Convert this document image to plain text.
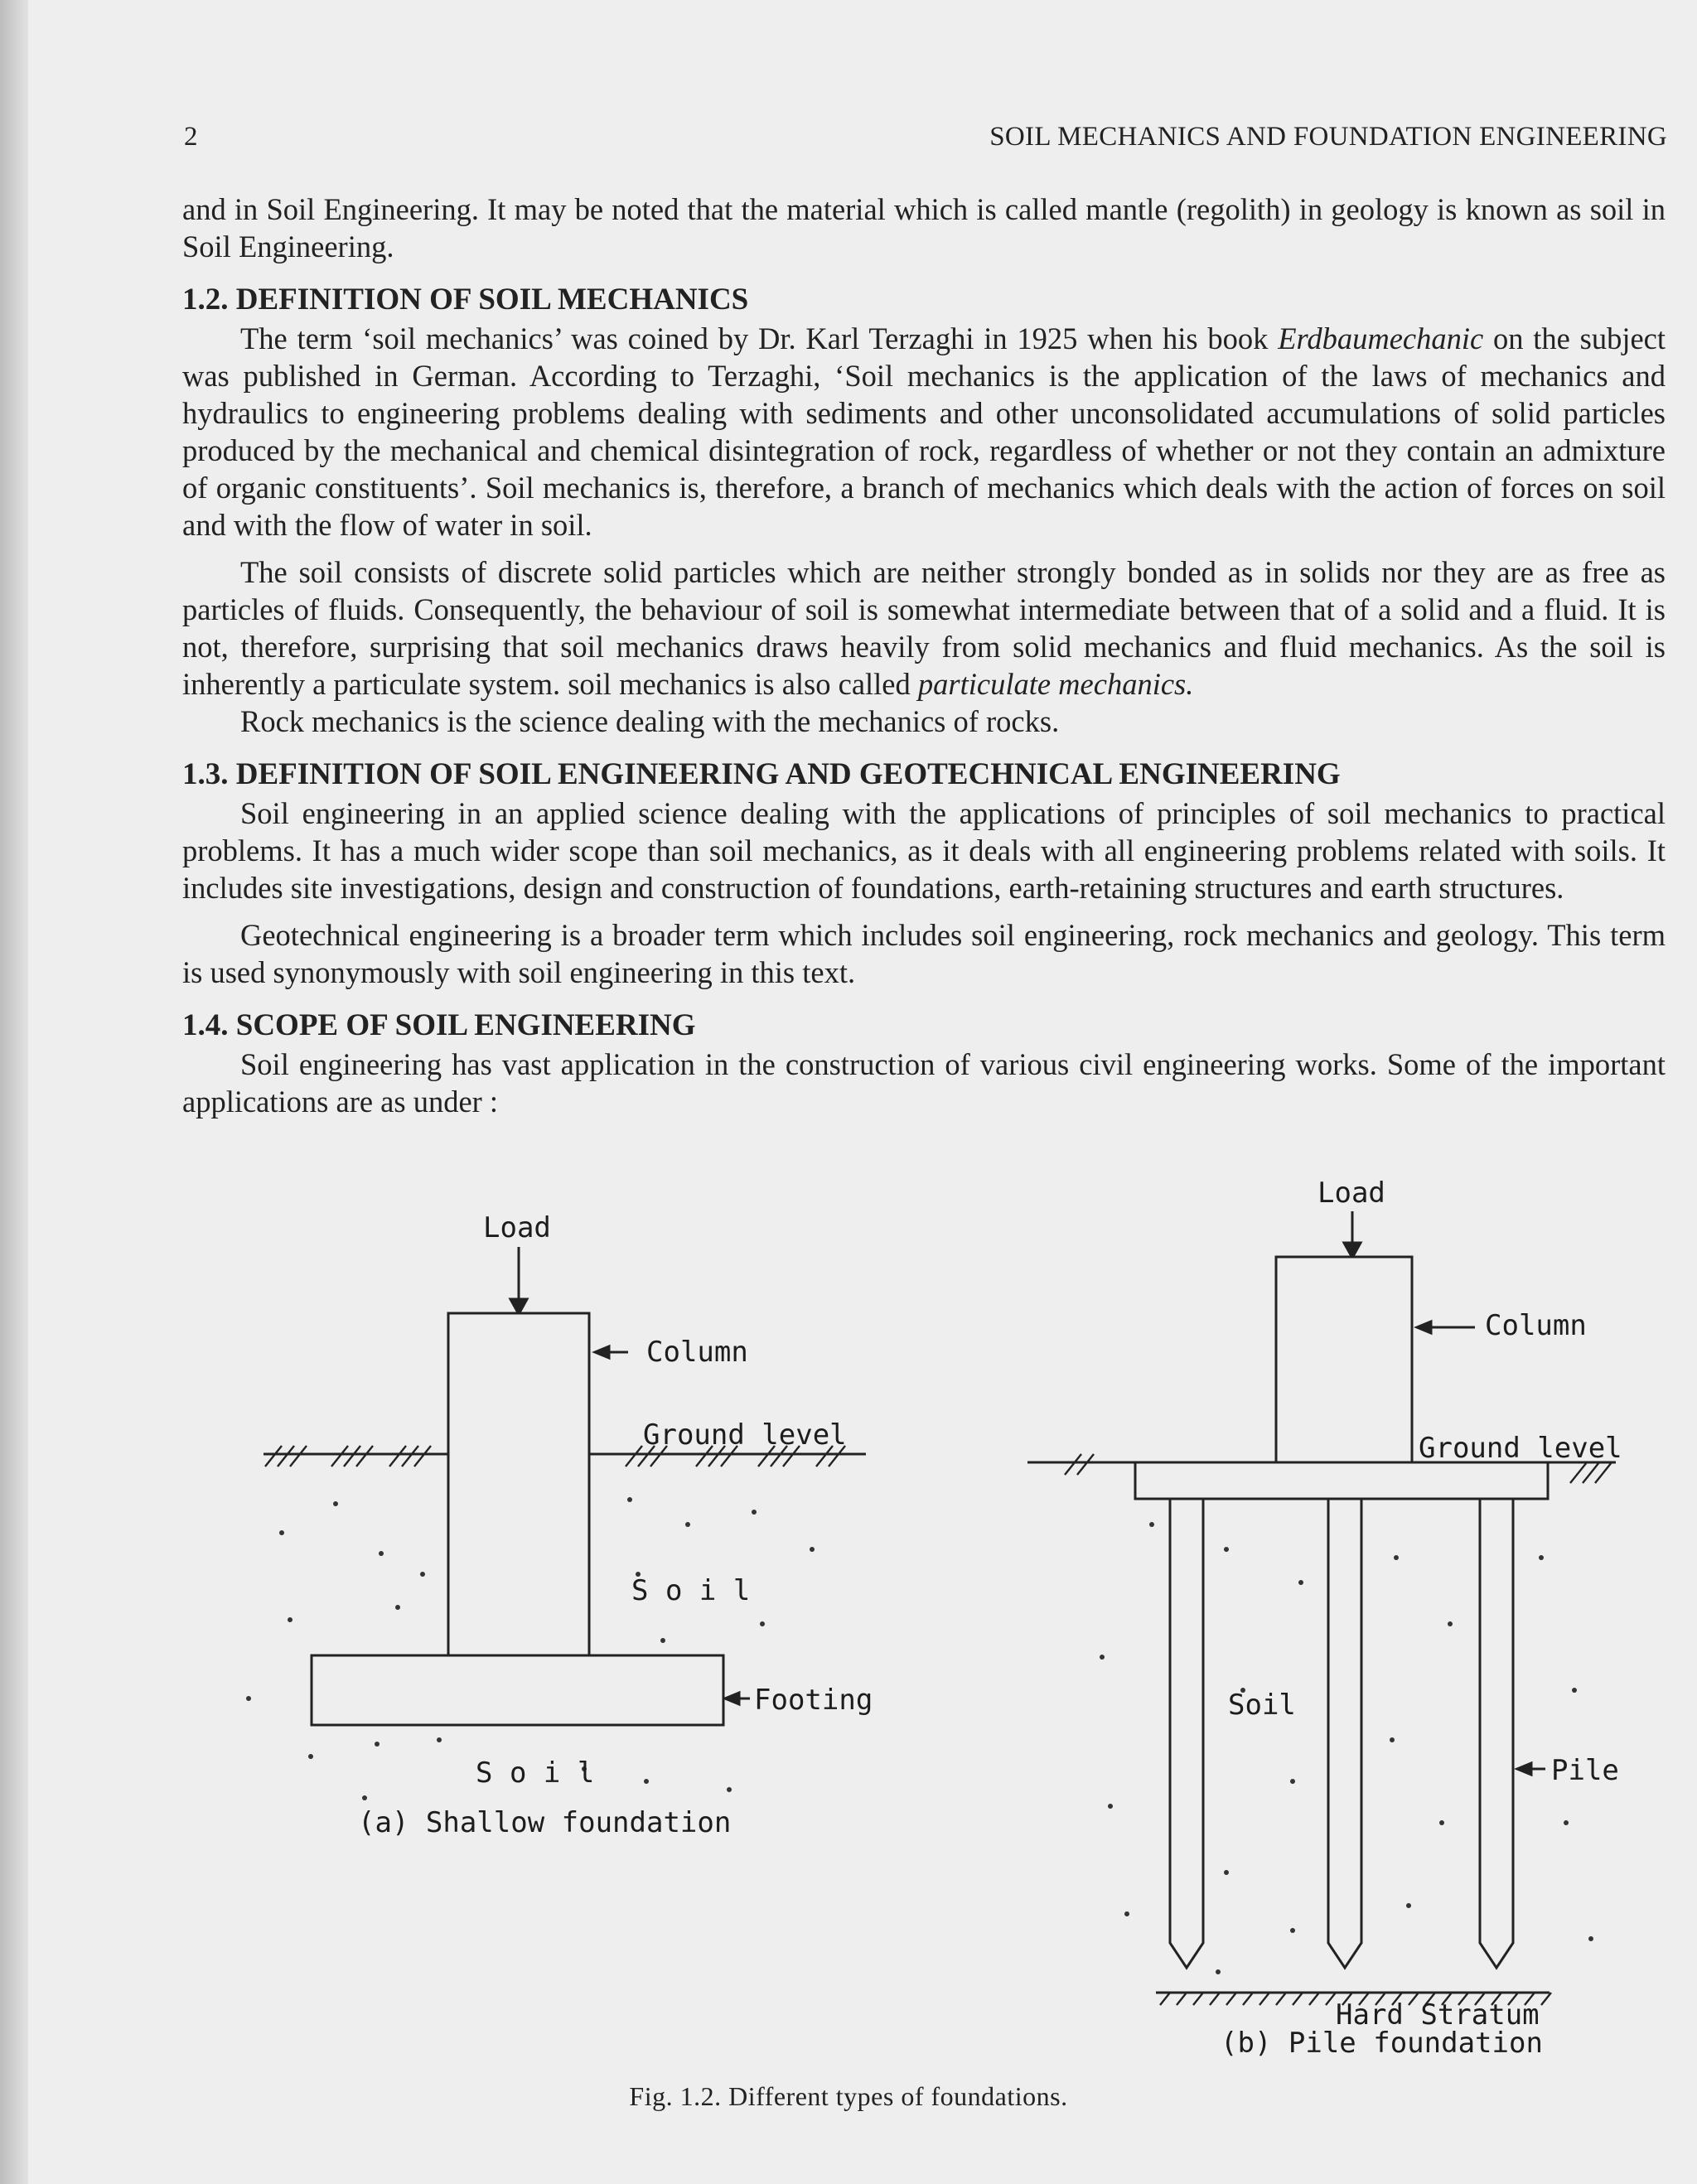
2	SOIL MECHANICS AND FOUNDATION ENGINEERING

and in Soil Engineering. It may be noted that the material which is called mantle (regolith) in geology is known as soil in Soil Engineering.

1.2. DEFINITION OF SOIL MECHANICS

The term ‘soil mechanics’ was coined by Dr. Karl Terzaghi in 1925 when his book Erdbaumechanic on the subject was published in German. According to Terzaghi, ‘Soil mechanics is the application of the laws of mechanics and hydraulics to engineering problems dealing with sediments and other unconsolidated accumulations of solid particles produced by the mechanical and chemical disintegration of rock, regardless of whether or not they contain an admixture of organic constituents’. Soil mechanics is, therefore, a branch of mechanics which deals with the action of forces on soil and with the flow of water in soil.

The soil consists of discrete solid particles which are neither strongly bonded as in solids nor they are as free as particles of fluids. Consequently, the behaviour of soil is somewhat intermediate between that of a solid and a fluid. It is not, therefore, surprising that soil mechanics draws heavily from solid mechanics and fluid mechanics. As the soil is inherently a particulate system. soil mechanics is also called particulate mechanics.

Rock mechanics is the science dealing with the mechanics of rocks.

1.3. DEFINITION OF SOIL ENGINEERING AND GEOTECHNICAL ENGINEERING

Soil engineering in an applied science dealing with the applications of principles of soil mechanics to practical problems. It has a much wider scope than soil mechanics, as it deals with all engineering problems related with soils. It includes site investigations, design and construction of foundations, earth-retaining structures and earth structures.

Geotechnical engineering is a broader term which includes soil engineering, rock mechanics and geology. This term is used synonymously with soil engineering in this text.

1.4. SCOPE OF SOIL ENGINEERING

Soil engineering has vast application in the construction of various civil engineering works. Some of the important applications are as under :

Load
Column
Ground level
S o i l
Footing
S o i l
(a) Shallow foundation
Load
Column
Ground level
Soil
Pile
Hard Stratum
(b) Pile foundation
Fig. 1.2. Different types of foundations.
